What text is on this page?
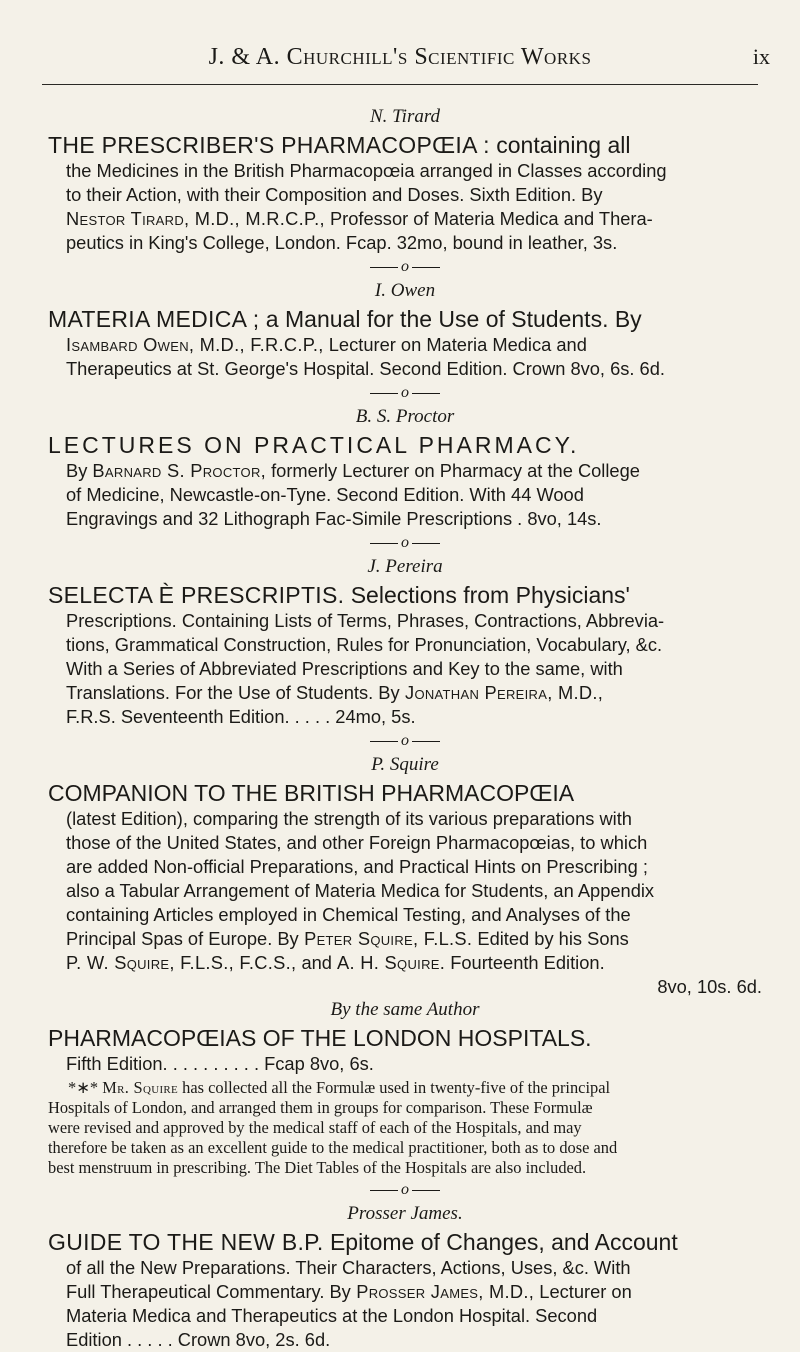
J. & A. Churchill's Scientific Works	ix

N. Tirard

THE PRESCRIBER'S PHARMACOPŒIA : containing all

the Medicines in the British Pharmacopœia arranged in Classes according
to their Action, with their Composition and Doses. Sixth Edition. By
Nestor Tirard, M.D., M.R.C.P., Professor of Materia Medica and Thera-
peutics in King's College, London. Fcap. 32mo, bound in leather, 3s.

o

I. Owen

MATERIA MEDICA ; a Manual for the Use of Students. By

Isambard Owen, M.D., F.R.C.P., Lecturer on Materia Medica and
Therapeutics at St. George's Hospital. Second Edition. Crown 8vo, 6s. 6d.

o

B. S. Proctor

LECTURES ON PRACTICAL PHARMACY.

By Barnard S. Proctor, formerly Lecturer on Pharmacy at the College
of Medicine, Newcastle-on-Tyne. Second Edition. With 44 Wood
Engravings and 32 Lithograph Fac-Simile Prescriptions . 8vo, 14s.

o

J. Pereira

SELECTA È PRESCRIPTIS. Selections from Physicians'

Prescriptions. Containing Lists of Terms, Phrases, Contractions, Abbrevia-
tions, Grammatical Construction, Rules for Pronunciation, Vocabulary, &c.
With a Series of Abbreviated Prescriptions and Key to the same, with
Translations. For the Use of Students. By Jonathan Pereira, M.D.,
F.R.S. Seventeenth Edition. . . . . 24mo, 5s.

o

P. Squire

COMPANION TO THE BRITISH PHARMACOPŒIA

(latest Edition), comparing the strength of its various preparations with
those of the United States, and other Foreign Pharmacopœias, to which
are added Non-official Preparations, and Practical Hints on Prescribing ;
also a Tabular Arrangement of Materia Medica for Students, an Appendix
containing Articles employed in Chemical Testing, and Analyses of the
Principal Spas of Europe. By Peter Squire, F.L.S. Edited by his Sons
P. W. Squire, F.L.S., F.C.S., and A. H. Squire. Fourteenth Edition.

8vo, 10s. 6d.

By the same Author

PHARMACOPŒIAS OF THE LONDON HOSPITALS.

Fifth Edition. . . . . . . . . . Fcap 8vo, 6s.

*∗* Mr. Squire has collected all the Formulæ used in twenty-five of the principal
Hospitals of London, and arranged them in groups for comparison. These Formulæ
were revised and approved by the medical staff of each of the Hospitals, and may
therefore be taken as an excellent guide to the medical practitioner, both as to dose and
best menstruum in prescribing. The Diet Tables of the Hospitals are also included.

o

Prosser James.

GUIDE TO THE NEW B.P. Epitome of Changes, and Account

of all the New Preparations. Their Characters, Actions, Uses, &c. With
Full Therapeutical Commentary. By Prosser James, M.D., Lecturer on
Materia Medica and Therapeutics at the London Hospital. Second
Edition . . . . . Crown 8vo, 2s. 6d.
